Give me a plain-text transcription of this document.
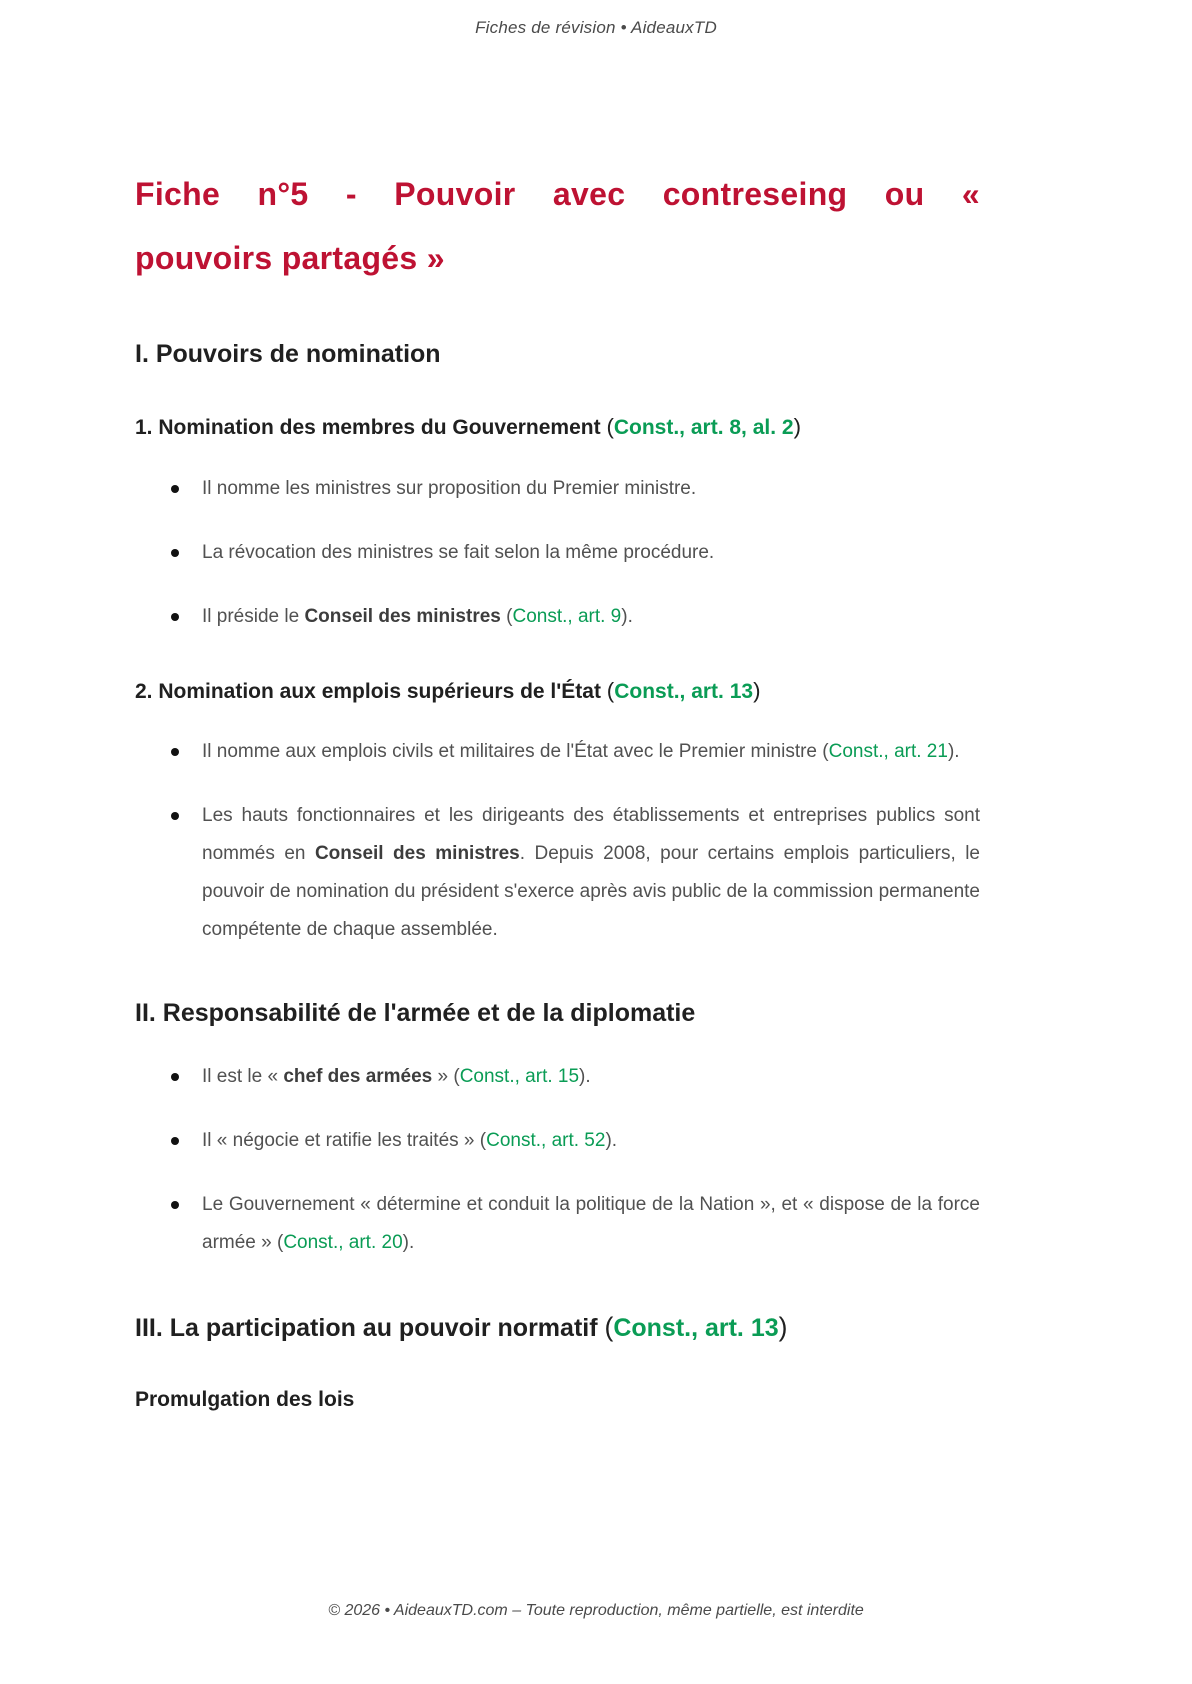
Fiches de révision • AideauxTD
Fiche n°5 - Pouvoir avec contreseing ou «
pouvoirs partagés »
I. Pouvoirs de nomination
1. Nomination des membres du Gouvernement (Const., art. 8, al. 2)

Il nomme les ministres sur proposition du Premier ministre.

La révocation des ministres se fait selon la même procédure.

Il préside le Conseil des ministres (Const., art. 9).

2. Nomination aux emplois supérieurs de l'État (Const., art. 13)

Il nomme aux emplois civils et militaires de l'État avec le Premier ministre (Const., art. 21).

Les hauts fonctionnaires et les dirigeants des établissements et entreprises publics sont nommés en Conseil des ministres. Depuis 2008, pour certains emplois particuliers, le pouvoir de nomination du président s'exerce après avis public de la commission permanente compétente de chaque assemblée.

II. Responsabilité de l'armée et de la diplomatie

Il est le « chef des armées » (Const., art. 15).

Il « négocie et ratifie les traités » (Const., art. 52).

Le Gouvernement « détermine et conduit la politique de la Nation », et « dispose de la force armée » (Const., art. 20).

III. La participation au pouvoir normatif (Const., art. 13)
Promulgation des lois
© 2026 • AideauxTD.com – Toute reproduction, même partielle, est interdite
